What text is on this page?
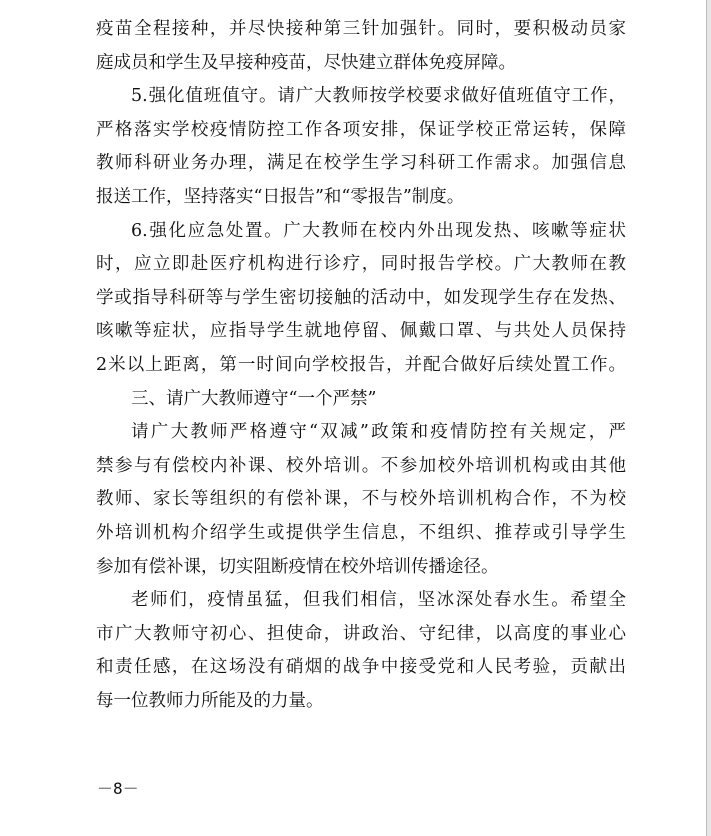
疫苗全程接种，并尽快接种第三针加强针。同时，要积极动员家
庭成员和学生及早接种疫苗，尽快建立群体免疫屏障。
5.强化值班值守。请广大教师按学校要求做好值班值守工作，
严格落实学校疫情防控工作各项安排，保证学校正常运转，保障
教师科研业务办理，满足在校学生学习科研工作需求。加强信息
报送工作，坚持落实“日报告”和“零报告”制度。
6.强化应急处置。广大教师在校内外出现发热、咳嗽等症状
时，应立即赴医疗机构进行诊疗，同时报告学校。广大教师在教
学或指导科研等与学生密切接触的活动中，如发现学生存在发热、
咳嗽等症状，应指导学生就地停留、佩戴口罩、与共处人员保持
2米以上距离，第一时间向学校报告，并配合做好后续处置工作。
三、请广大教师遵守“一个严禁”
请广大教师严格遵守“双减”政策和疫情防控有关规定，严
禁参与有偿校内补课、校外培训。不参加校外培训机构或由其他
教师、家长等组织的有偿补课，不与校外培训机构合作，不为校
外培训机构介绍学生或提供学生信息，不组织、推荐或引导学生
参加有偿补课，切实阻断疫情在校外培训传播途径。
老师们，疫情虽猛，但我们相信，坚冰深处春水生。希望全
市广大教师守初心、担使命，讲政治、守纪律，以高度的事业心
和责任感，在这场没有硝烟的战争中接受党和人民考验，贡献出
每一位教师力所能及的力量。
－8－
